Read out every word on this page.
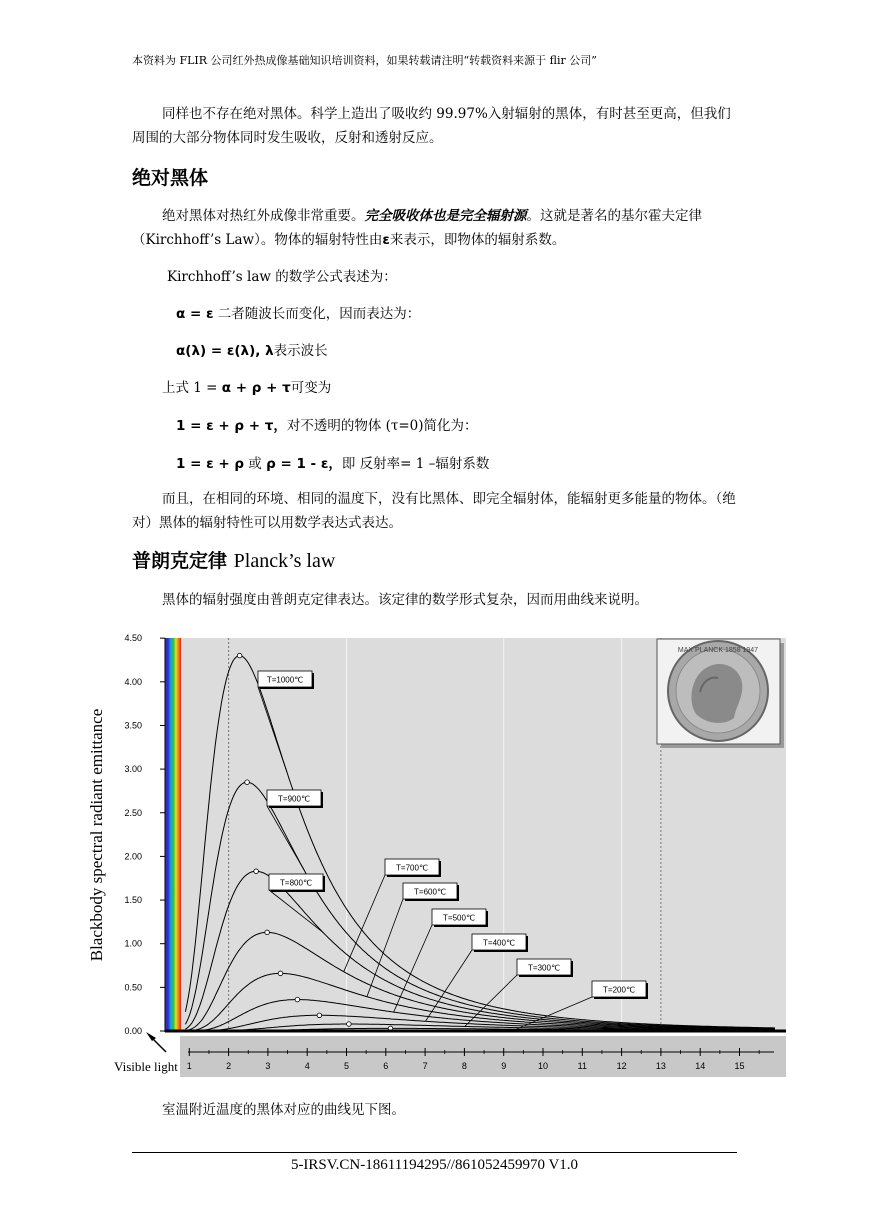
本资料为 FLIR 公司红外热成像基础知识培训资料，如果转载请注明“转载资料来源于 flir 公司”
同样也不存在绝对黑体。科学上造出了吸收约 99.97%入射辐射的黑体，有时甚至更高，但我们周围的大部分物体同时发生吸收，反射和透射反应。
绝对黑体
绝对黑体对热红外成像非常重要。完全吸收体也是完全辐射源。这就是著名的基尔霍夫定律（Kirchhoff’s Law）。物体的辐射特性由ε来表示，即物体的辐射系数。
Kirchhoff’s law 的数学公式表述为：
α = ε 二者随波长而变化，因而表达为：
α(λ) = ε(λ), λ表示波长
上式 1 = α + ρ + τ可变为
1 = ε + ρ + τ，对不透明的物体 (τ=0)简化为：
1 = ε + ρ 或 ρ = 1 - ε，即 反射率= 1 –辐射系数
而且，在相同的环境、相同的温度下，没有比黑体、即完全辐射体，能辐射更多能量的物体。（绝对）黑体的辐射特性可以用数学表达式表达。
普朗克定律 Planck’s law
黑体的辐射强度由普朗克定律表达。该定律的数学形式复杂，因而用曲线来说明。
0.00
0.50
1.00
1.50
2.00
2.50
3.00
3.50
4.00
4.50
T=1000℃
T=900℃
T=800℃
T=700℃
T=600℃
T=500℃
T=400℃
T=300℃
T=200℃
1	2	3	4	5	6	7	8	9	10	11	12	13	14	15
Blackbody spectral radiant emittance
Visible light
MAX PLANCK 1858 1947
室温附近温度的黑体对应的曲线见下图。
5-IRSV.CN-18611194295//861052459970 V1.0
